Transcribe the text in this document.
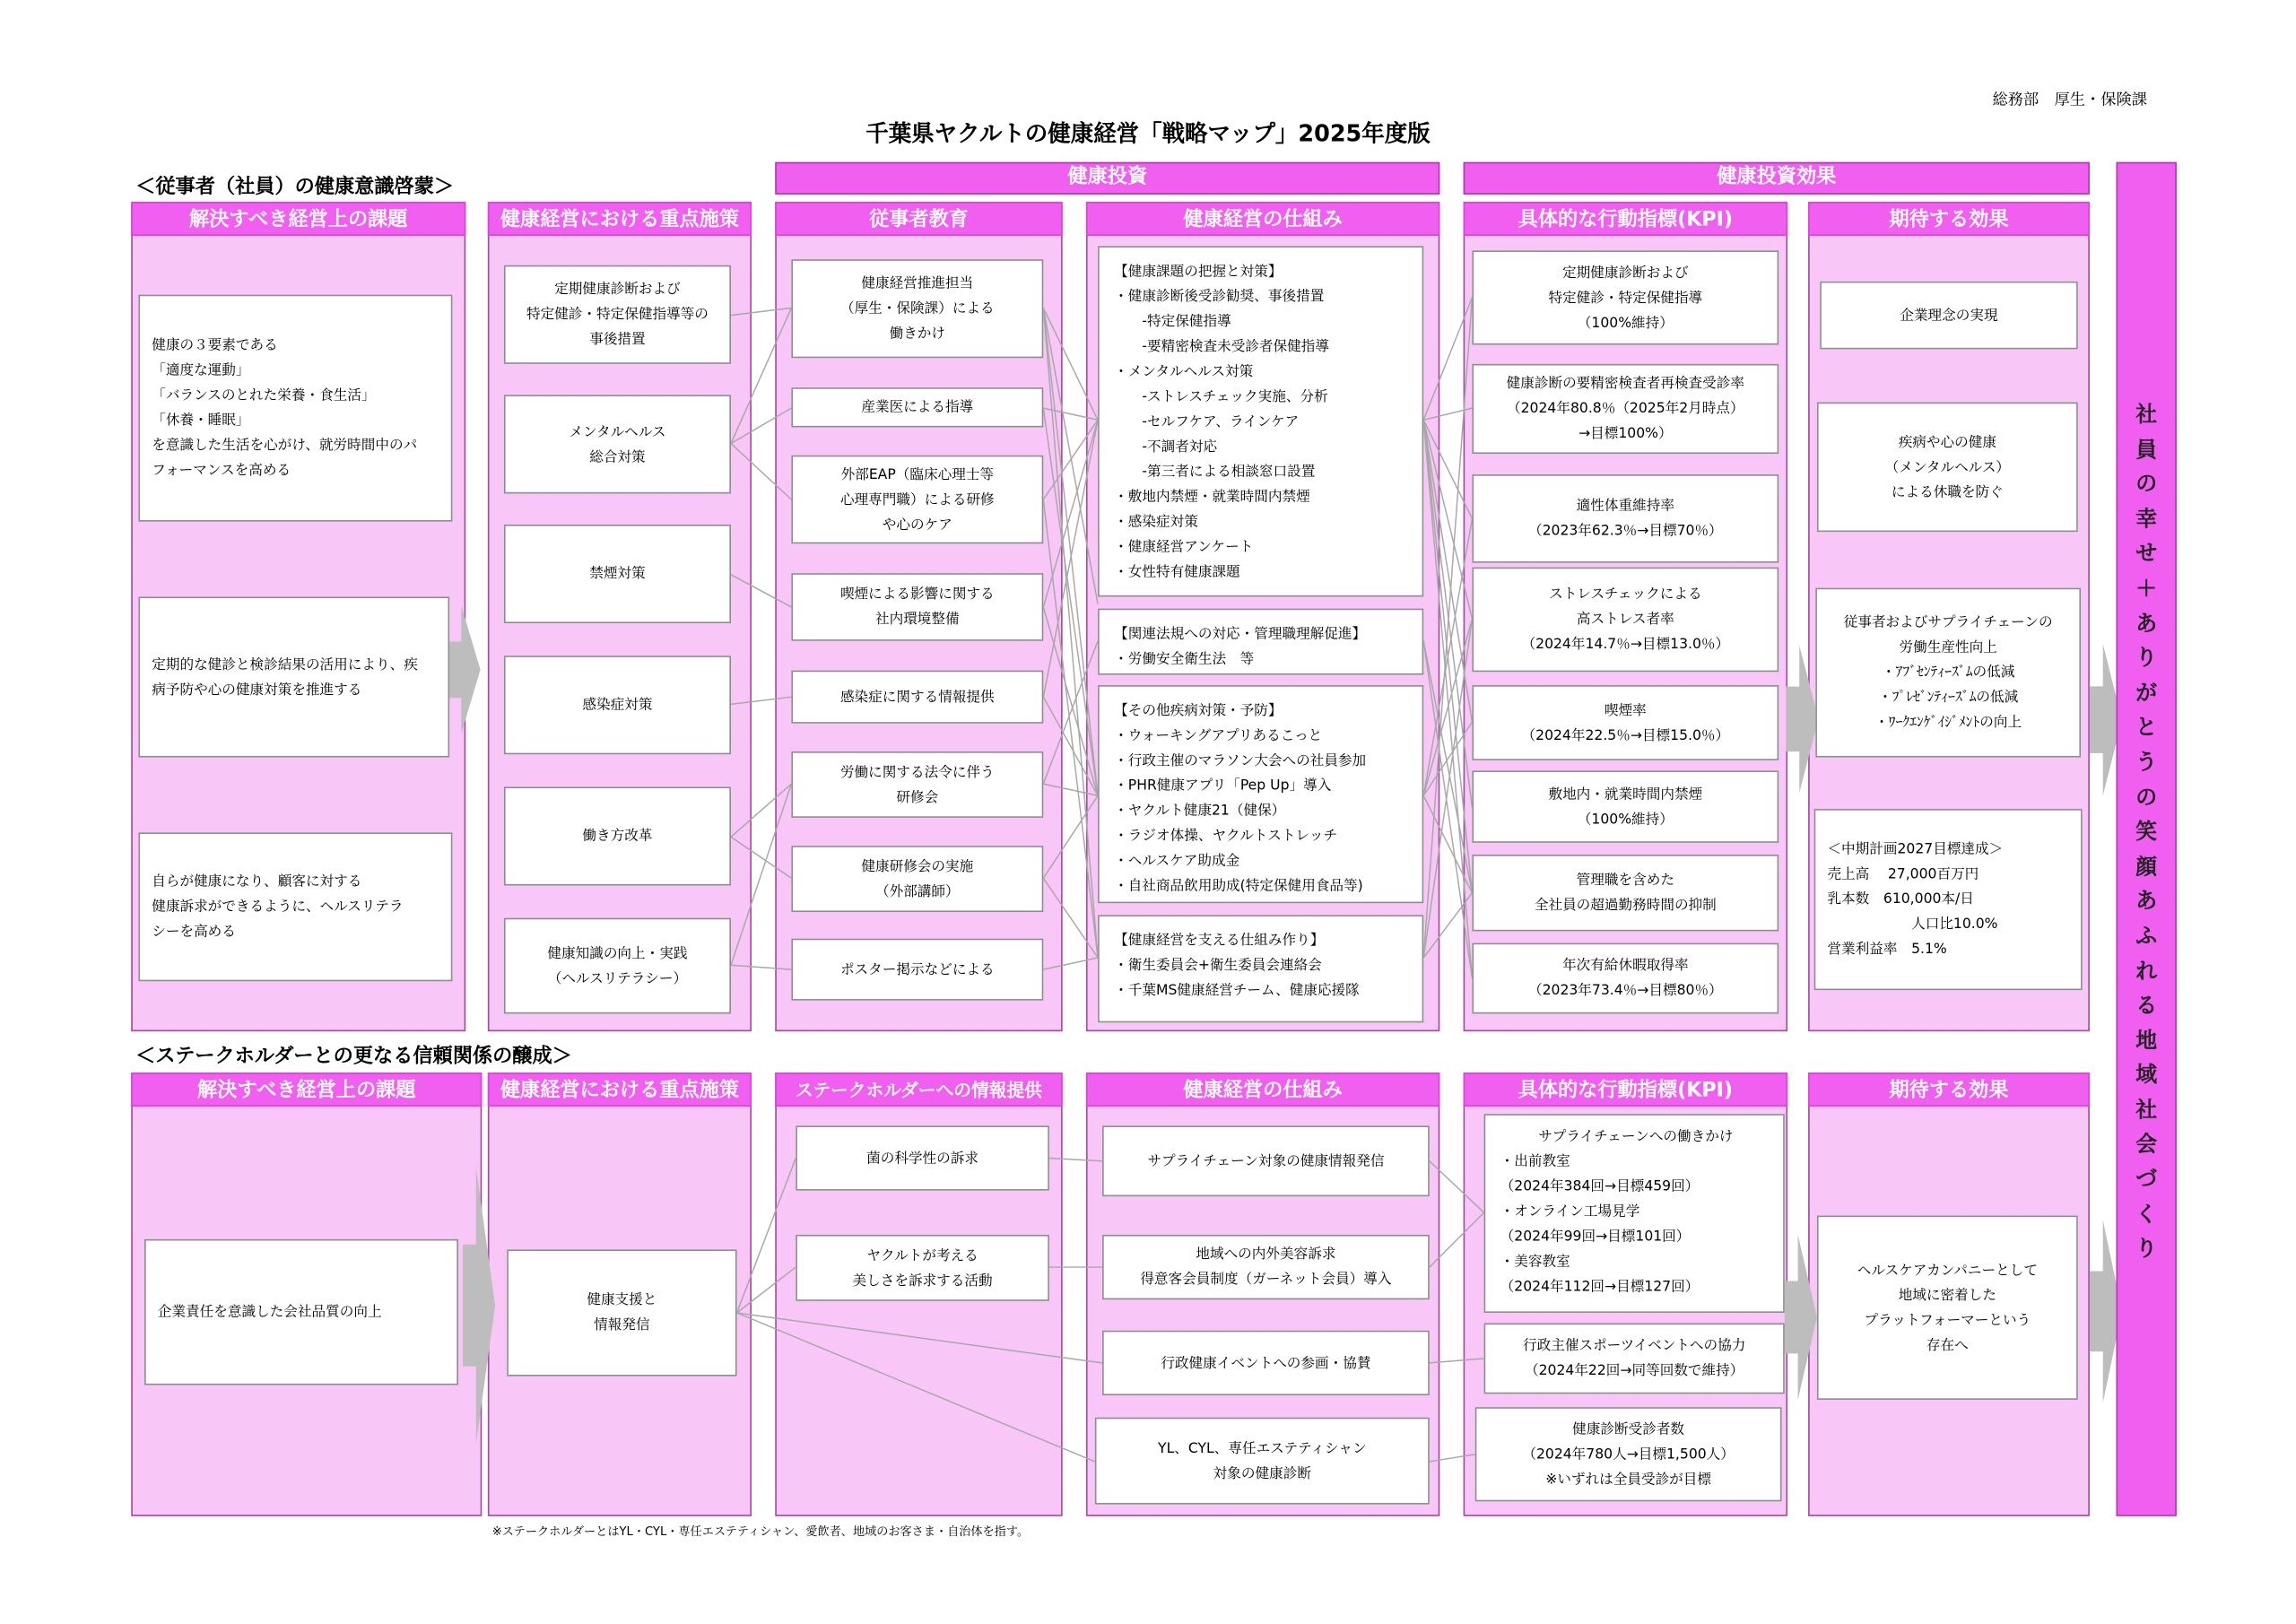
総務部　厚生・保険課
千葉県ヤクルトの健康経営「戦略マップ」2025年度版
＜従事者（社員）の健康意識啓蒙＞
＜ステークホルダーとの更なる信頼関係の醸成＞
健康投資	健康投資効果
解決すべき経営上の課題	健康経営における重点施策	従事者教育	健康経営の仕組み	具体的な行動指標(KPI)	期待する効果
解決すべき経営上の課題	健康経営における重点施策	ステークホルダーへの情報提供	健康経営の仕組み	具体的な行動指標(KPI)	期待する効果
健康の３要素である
「適度な運動」
「バランスのとれた栄養・食生活」
「休養・睡眠」
を意識した生活を心がけ、就労時間中のパ
フォーマンスを高める
定期的な健診と検診結果の活用により、疾
病予防や心の健康対策を推進する
自らが健康になり、顧客に対する
健康訴求ができるように、ヘルスリテラ
シーを高める
定期健康診断および
特定健診・特定保健指導等の
事後措置
メンタルヘルス
総合対策
禁煙対策
感染症対策
働き方改革
健康知識の向上・実践
（ヘルスリテラシー）
健康経営推進担当
（厚生・保険課）による
働きかけ
産業医による指導
外部EAP（臨床心理士等
心理専門職）による研修
や心のケア
喫煙による影響に関する
社内環境整備
感染症に関する情報提供
労働に関する法令に伴う
研修会
健康研修会の実施
（外部講師）
ポスター掲示などによる
【健康課題の把握と対策】
・健康診断後受診勧奨、事後措置
　　-特定保健指導
　　-要精密検査未受診者保健指導
・メンタルヘルス対策
　　-ストレスチェック実施、分析
　　-セルフケア、ラインケア
　　-不調者対応
　　-第三者による相談窓口設置
・敷地内禁煙・就業時間内禁煙
・感染症対策
・健康経営アンケート
・女性特有健康課題
【関連法規への対応・管理職理解促進】
・労働安全衛生法　等
【その他疾病対策・予防】
・ウォーキングアプリあるこっと
・行政主催のマラソン大会への社員参加
・PHR健康アプリ「Pep Up」導入
・ヤクルト健康21（健保）
・ラジオ体操、ヤクルトストレッチ
・ヘルスケア助成金
・自社商品飲用助成(特定保健用食品等)
【健康経営を支える仕組み作り】
・衛生委員会+衛生委員会連絡会
・千葉MS健康経営チーム、健康応援隊
定期健康診断および
特定健診・特定保健指導
（100%維持）
健康診断の要精密検査者再検査受診率
（2024年80.8％（2025年2月時点）
→目標100%）
適性体重維持率
（2023年62.3％→目標70％）
ストレスチェックによる
高ストレス者率
（2024年14.7％→目標13.0％）
喫煙率
（2024年22.5％→目標15.0％）
敷地内・就業時間内禁煙
（100%維持）
管理職を含めた
全社員の超過勤務時間の抑制
年次有給休暇取得率
（2023年73.4％→目標80％）
企業理念の実現
疾病や心の健康
（メンタルヘルス）
による休職を防ぐ
従事者およびサプライチェーンの
労働生産性向上
・ｱﾌﾞｾﾝﾃｨｰｽﾞﾑの低減
・ﾌﾟﾚｾﾞﾝﾃｨｰｽﾞﾑの低減
・ﾜｰｸｴﾝｹﾞｲｼﾞﾒﾝﾄの向上
＜中期計画2027目標達成＞
売上高　 27,000百万円
乳本数　610,000本/日
　　　　　　人口比10.0%
営業利益率　5.1%
企業責任を意識した会社品質の向上
健康支援と
情報発信
菌の科学性の訴求
ヤクルトが考える
美しさを訴求する活動
サプライチェーン対象の健康情報発信
地域への内外美容訴求
得意客会員制度（ガーネット会員）導入
行政健康イベントへの参画・協賛
YL、CYL、専任エステティシャン
対象の健康診断
サプライチェーンへの働きかけ
・出前教室
（2024年384回→目標459回）
・オンライン工場見学
（2024年99回→目標101回）
・美容教室
（2024年112回→目標127回）
行政主催スポーツイベントへの協力
（2024年22回→同等回数で維持）
健康診断受診者数
（2024年780人→目標1,500人）
※いずれは全員受診が目標
ヘルスケアカンパニーとして
地域に密着した
プラットフォーマーという
存在へ
社
員
の
幸
せ
＋
あ
り
が
と
う
の
笑
顔
あ
ふ
れ
る
地
域
社
会
づ
く
り
※ステークホルダーとはYL・CYL・専任エステティシャン、愛飲者、地域のお客さま・自治体を指す。
